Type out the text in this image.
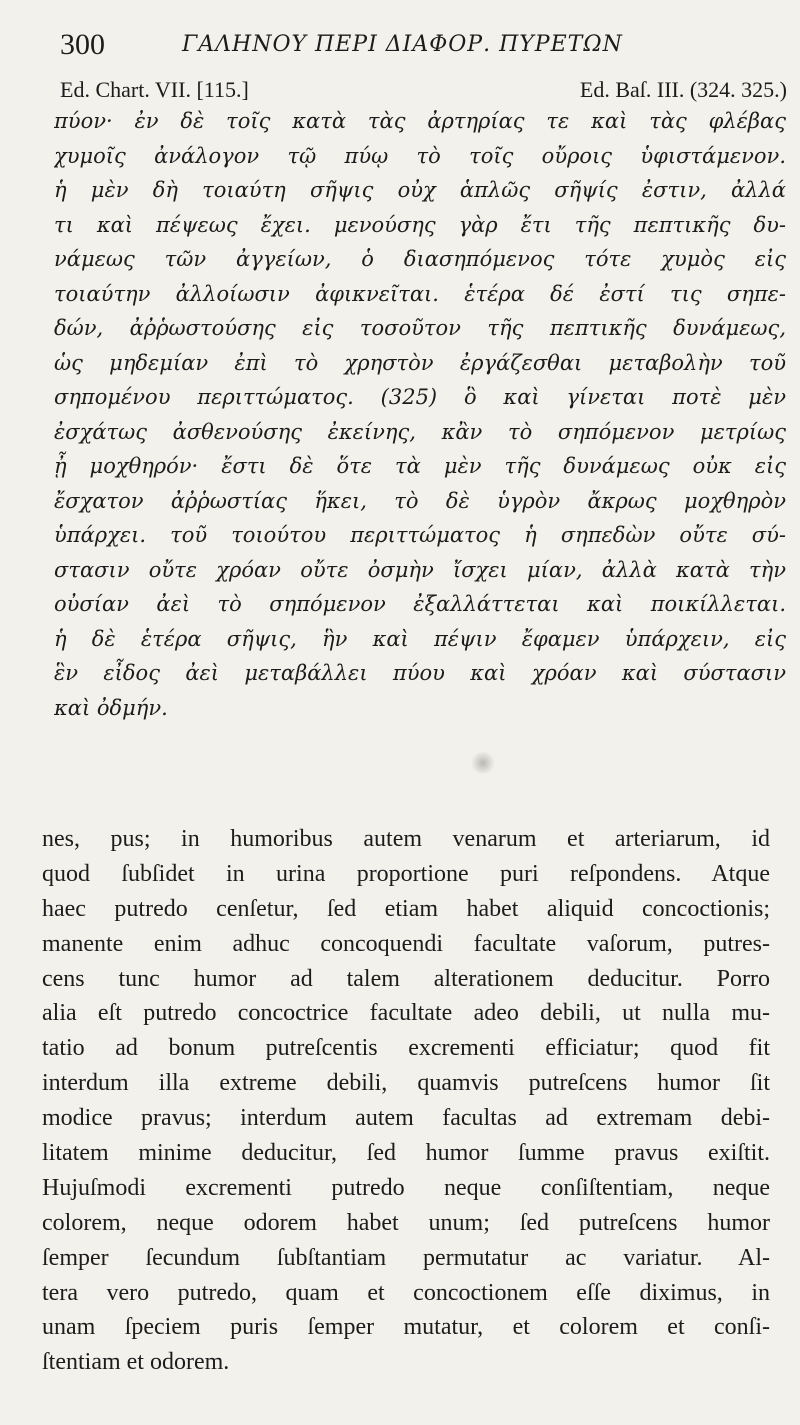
300	ΓΑΛΗΝΟΥ ΠΕΡΙ ΔΙΑΦΟΡ. ΠΥΡΕΤΩΝ
Ed. Chart. VII. [115.]	Ed. Baſ. III. (324. 325.)
πύον· ἐν δὲ τοῖς κατὰ τὰς ἀρτηρίας τε καὶ τὰς φλέβας
χυμοῖς ἀνάλογον τῷ πύῳ τὸ τοῖς οὔροις ὑφιστάμενον.
ἡ μὲν δὴ τοιαύτη σῆψις οὐχ ἁπλῶς σῆψίς ἐστιν, ἀλλά
τι καὶ πέψεως ἔχει. μενούσης γὰρ ἔτι τῆς πεπτικῆς δυ-
νάμεως τῶν ἀγγείων, ὁ διασηπόμενος τότε χυμὸς εἰς
τοιαύτην ἀλλοίωσιν ἀφικνεῖται. ἑτέρα δέ ἐστί τις σηπε-
δών, ἀῤῥωστούσης εἰς τοσοῦτον τῆς πεπτικῆς δυνάμεως,
ὡς μηδεμίαν ἐπὶ τὸ χρηστὸν ἐργάζεσθαι μεταβολὴν τοῦ
σηπομένου περιττώματος. (325) ὃ καὶ γίνεται ποτὲ μὲν
ἐσχάτως ἀσθενούσης ἐκείνης, κἂν τὸ σηπόμενον μετρίως
ᾖ μοχθηρόν· ἔστι δὲ ὅτε τὰ μὲν τῆς δυνάμεως οὐκ εἰς
ἔσχατον ἀῤῥωστίας ἥκει, τὸ δὲ ὑγρὸν ἄκρως μοχθηρὸν
ὑπάρχει. τοῦ τοιούτου περιττώματος ἡ σηπεδὼν οὔτε σύ-
στασιν οὔτε χρόαν οὔτε ὀσμὴν ἴσχει μίαν, ἀλλὰ κατὰ τὴν
οὐσίαν ἀεὶ τὸ σηπόμενον ἐξαλλάττεται καὶ ποικίλλεται.
ἡ δὲ ἑτέρα σῆψις, ἣν καὶ πέψιν ἔφαμεν ὑπάρχειν, εἰς
ἓν εἶδος ἀεὶ μεταβάλλει πύου καὶ χρόαν καὶ σύστασιν
καὶ ὀδμήν.
nes, pus; in humoribus autem venarum et arteriarum, id
quod ſubſidet in urina proportione puri reſpondens. Atque
haec putredo cenſetur, ſed etiam habet aliquid concoctionis;
manente enim adhuc concoquendi facultate vaſorum, putres-
cens tunc humor ad talem alterationem deducitur. Porro
alia eſt putredo concoctrice facultate adeo debili, ut nulla mu-
tatio ad bonum putreſcentis excrementi efficiatur; quod fit
interdum illa extreme debili, quamvis putreſcens humor ſit
modice pravus; interdum autem facultas ad extremam debi-
litatem minime deducitur, ſed humor ſumme pravus exiſtit.
Hujuſmodi excrementi putredo neque conſiſtentiam, neque
colorem, neque odorem habet unum; ſed putreſcens humor
ſemper ſecundum ſubſtantiam permutatur ac variatur. Al-
tera vero putredo, quam et concoctionem eſſe diximus, in
unam ſpeciem puris ſemper mutatur, et colorem et conſi-
ſtentiam et odorem.
